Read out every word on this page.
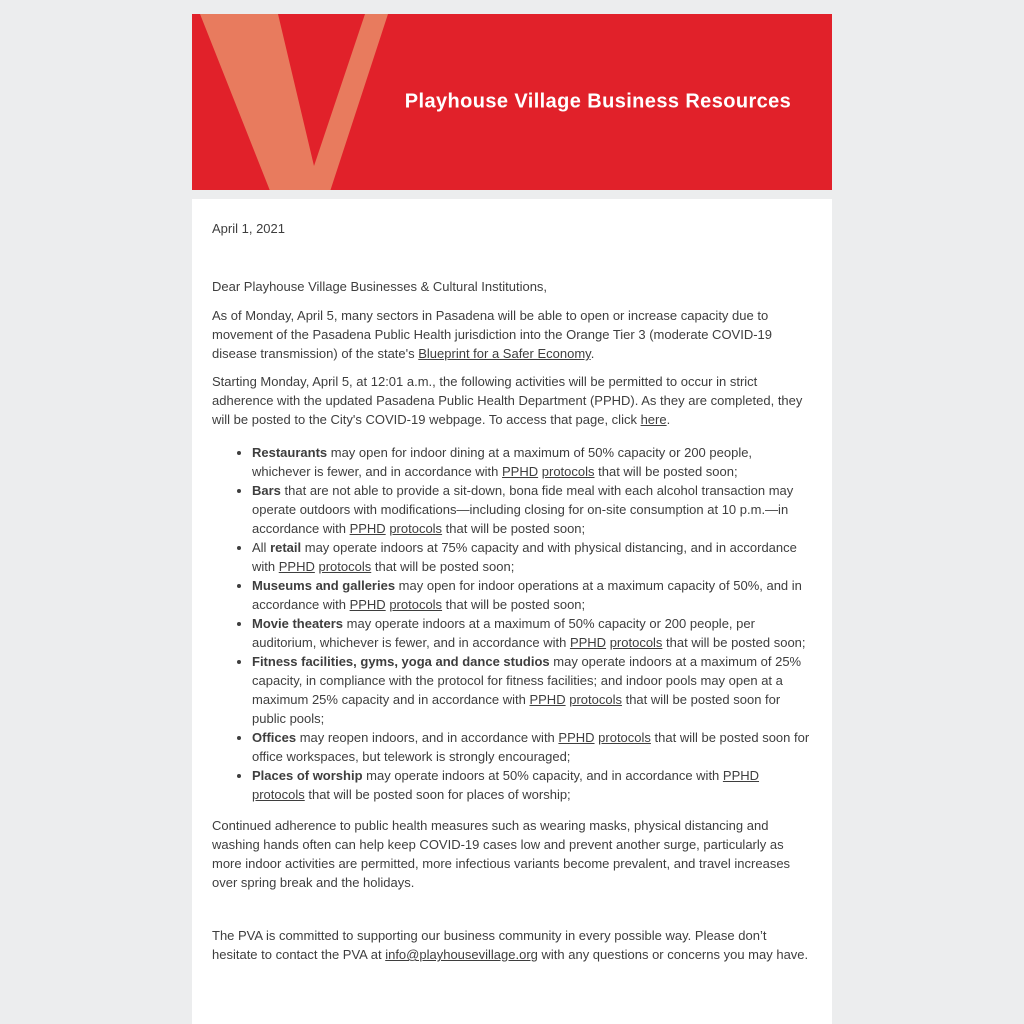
Playhouse Village Business Resources
April 1, 2021
Dear Playhouse Village Businesses & Cultural Institutions,

As of Monday, April 5, many sectors in Pasadena will be able to open or increase capacity due to movement of the Pasadena Public Health jurisdiction into the Orange Tier 3 (moderate COVID-19 disease transmission) of the state's Blueprint for a Safer Economy.

Starting Monday, April 5, at 12:01 a.m., the following activities will be permitted to occur in strict adherence with the updated Pasadena Public Health Department (PPHD). As they are completed, they will be posted to the City's COVID-19 webpage. To access that page, click here.

• Restaurants may open for indoor dining at a maximum of 50% capacity or 200 people, whichever is fewer, and in accordance with PPHD protocols that will be posted soon;
• Bars that are not able to provide a sit-down, bona fide meal with each alcohol transaction may operate outdoors with modifications—including closing for on-site consumption at 10 p.m.—in accordance with PPHD protocols that will be posted soon;
• All retail may operate indoors at 75% capacity and with physical distancing, and in accordance with PPHD protocols that will be posted soon;
• Museums and galleries may open for indoor operations at a maximum capacity of 50%, and in accordance with PPHD protocols that will be posted soon;
• Movie theaters may operate indoors at a maximum of 50% capacity or 200 people, per auditorium, whichever is fewer, and in accordance with PPHD protocols that will be posted soon;
• Fitness facilities, gyms, yoga and dance studios may operate indoors at a maximum of 25% capacity, in compliance with the protocol for fitness facilities; and indoor pools may open at a maximum 25% capacity and in accordance with PPHD protocols that will be posted soon for public pools;
• Offices may reopen indoors, and in accordance with PPHD protocols that will be posted soon for office workspaces, but telework is strongly encouraged;
• Places of worship may operate indoors at 50% capacity, and in accordance with PPHD protocols that will be posted soon for places of worship;

Continued adherence to public health measures such as wearing masks, physical distancing and washing hands often can help keep COVID-19 cases low and prevent another surge, particularly as more indoor activities are permitted, more infectious variants become prevalent, and travel increases over spring break and the holidays.

The PVA is committed to supporting our business community in every possible way. Please don’t hesitate to contact the PVA at info@playhousevillage.org with any questions or concerns you may have.
